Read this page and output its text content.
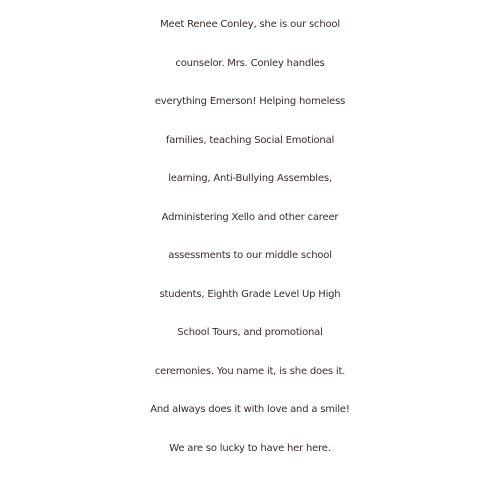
Meet Renee Conley, she is our school
counselor. Mrs. Conley handles
everything Emerson! Helping homeless
families, teaching Social Emotional
learning, Anti-Bullying Assembles,
Administering Xello and other career
assessments to our middle school
students, Eighth Grade Level Up High
School Tours, and promotional
ceremonies. You name it, is she does it.
And always does it with love and a smile!
We are so lucky to have her here.
